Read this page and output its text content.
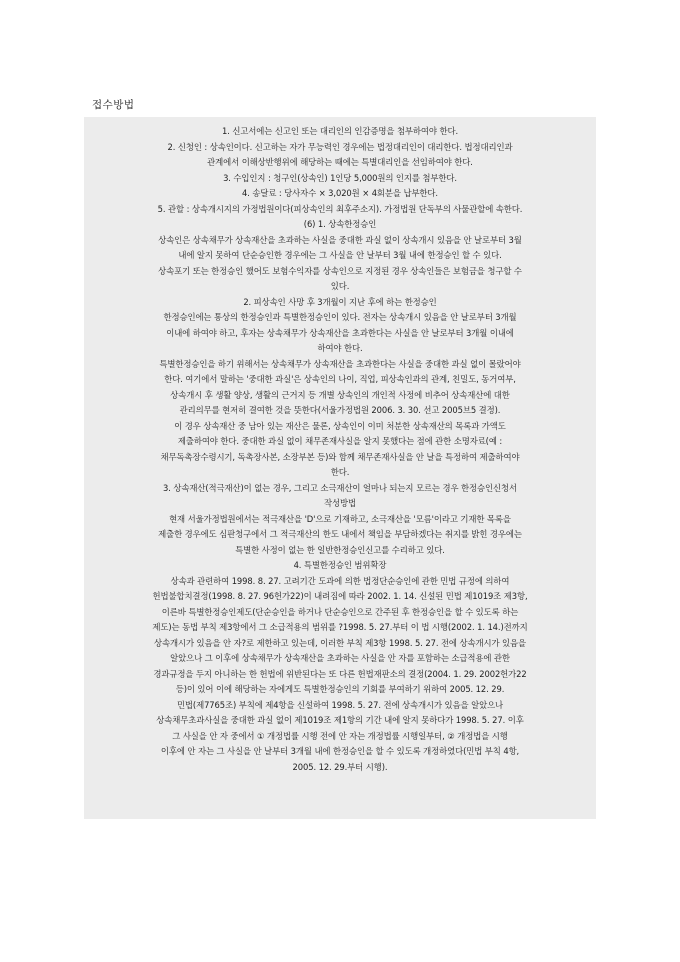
접수방법
1. 신고서에는 신고인 또는 대리인의 인감증명을 첨부하여야 한다.
2. 신청인 : 상속인이다. 신고하는 자가 무능력인 경우에는 법정대리인이 대리한다. 법정대리인과
관계에서 이해상반행위에 해당하는 때에는 특별대리인을 선임하여야 한다.
3. 수입인지 : 청구인(상속인) 1인당 5,000원의 인지를 첨부한다.
4. 송달료 : 당사자수 × 3,020원 × 4회분을 납부한다.
5. 관할 : 상속개시지의 가정법원이다(피상속인의 최후주소지). 가정법원 단독부의 사물관할에 속한다.
(6) 1. 상속한정승인
상속인은 상속채무가 상속재산을 초과하는 사실을 중대한 과실 없이 상속개시 있음을 안 날로부터 3월
내에 알지 못하여 단순승인한 경우에는 그 사실을 안 날부터 3월 내에 한정승인 할 수 있다.
상속포기 또는 한정승인 했어도 보험수익자를 상속인으로 지정된 경우 상속인들은 보험금을 청구할 수
있다.
2. 피상속인 사망 후 3개월이 지난 후에 하는 한정승인
한정승인에는 통상의 한정승인과 특별한정승인이 있다. 전자는 상속개시 있음을 안 날로부터 3개월
이내에 하여야 하고, 후자는 상속채무가 상속재산을 초과한다는 사실을 안 날로부터 3개월 이내에
하여야 한다.
특별한정승인을 하기 위해서는 상속채무가 상속재산을 초과한다는 사실을 중대한 과실 없이 몰랐어야
한다. 여기에서 말하는 '중대한 과실'은 상속인의 나이, 직업, 피상속인과의 관계, 친밀도, 동거여부,
상속개시 후 생활 양상, 생활의 근거지 등 개별 상속인의 개인적 사정에 비추어 상속재산에 대한
관리의무를 현저히 결여한 것을 뜻한다(서울가정법원 2006. 3. 30. 선고 2005브5 결정).
이 경우 상속재산 중 남아 있는 재산은 물론, 상속인이 이미 처분한 상속재산의 목록과 가액도
제출하여야 한다. 중대한 과실 없이 채무존재사실을 알지 못했다는 점에 관한 소명자료(예 :
채무독촉장수령시기, 독촉장사본, 소장부본 등)와 함께 채무존재사실을 안 날을 특정하여 제출하여야
한다.
3. 상속재산(적극재산)이 없는 경우, 그리고 소극재산이 얼마나 되는지 모르는 경우 한정승인신청서
작성방법
현재 서울가정법원에서는 적극재산을 'D'으로 기재하고, 소극재산을 '모름'이라고 기재한 목록을
제출한 경우에도 심판청구에서 그 적극재산의 한도 내에서 책임을 부담하겠다는 취지를 밝힌 경우에는
특별한 사정이 없는 한 일반한정승인신고를 수리하고 있다.
4. 특별한정승인 범위확장
상속과 관련하여 1998. 8. 27. 고려기간 도과에 의한 법정단순승인에 관한 민법 규정에 의하여
헌법불합치결정(1998. 8. 27. 96헌가22)이 내려짐에 따라 2002. 1. 14. 신설된 민법 제1019조 제3항,
이른바 특별한정승인제도(단순승인을 하거나 단순승인으로 간주된 후 한정승인을 할 수 있도록 하는
제도)는 동법 부칙 제3항에서 그 소급적용의 범위를 ?1998. 5. 27.부터 이 법 시행(2002. 1. 14.)전까지
상속개시가 있음을 안 자?로 제한하고 있는데, 이러한 부칙 제3항 1998. 5. 27. 전에 상속개시가 있음을
알았으나 그 이후에 상속채무가 상속재산을 초과하는 사실을 안 자를 포함하는 소급적용에 관한
경과규정을 두지 아니하는 한 헌법에 위반된다는 또 다른 헌법재판소의 결정(2004. 1. 29. 2002헌가22
등)이 있어 이에 해당하는 자에게도 특별한정승인의 기회를 부여하기 위하여 2005. 12. 29.
민법(제7765조) 부칙에 제4항을 신설하여 1998. 5. 27. 전에 상속개시가 있음을 알았으나
상속채무초과사실을 중대한 과실 없이 제1019조 제1항의 기간 내에 알지 못하다가 1998. 5. 27. 이후
그 사실을 안 자 중에서 ① 개정법률 시행 전에 안 자는 개정법률 시행일부터, ② 개정법을 시행
이후에 안 자는 그 사실을 안 날부터 3개월 내에 한정승인을 할 수 있도록 개정하였다(민법 부칙 4항,
2005. 12. 29.부터 시행).
